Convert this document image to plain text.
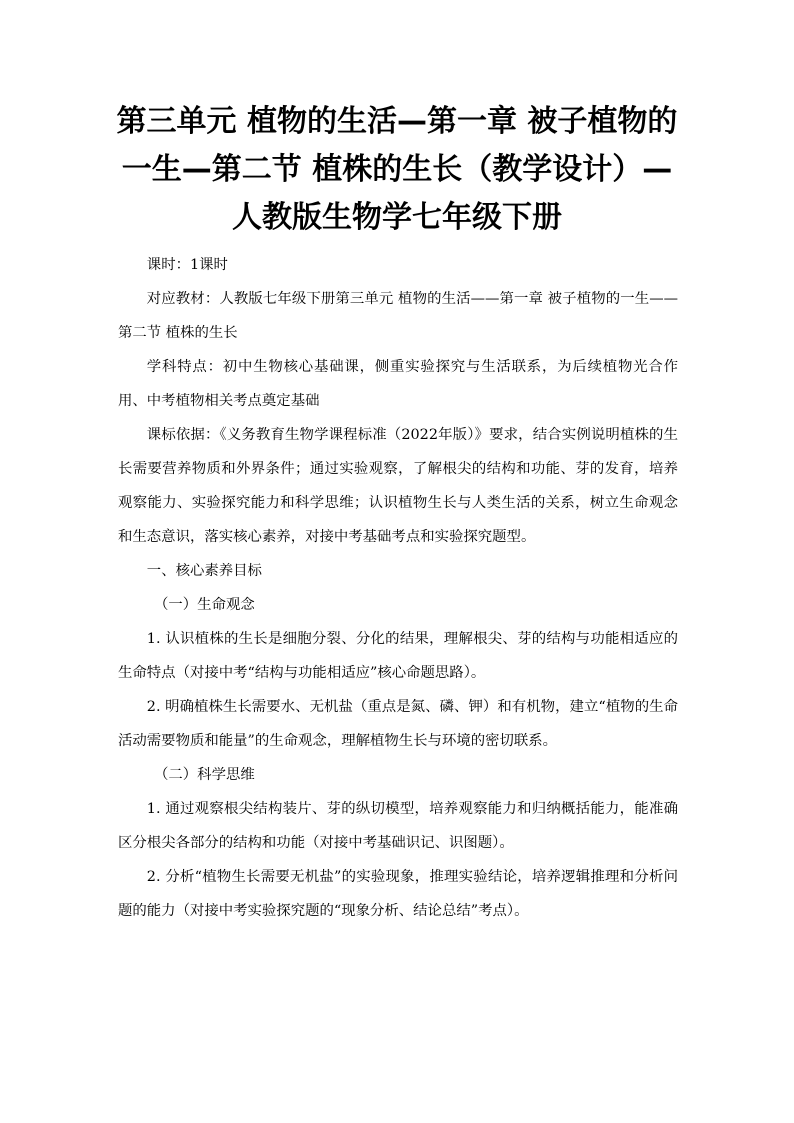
第三单元 植物的生活—第一章 被子植物的一生—第二节 植株的生长（教学设计）—人教版生物学七年级下册

课时：1课时

对应教材：人教版七年级下册第三单元 植物的生活——第一章 被子植物的一生——第二节 植株的生长

学科特点：初中生物核心基础课，侧重实验探究与生活联系，为后续植物光合作用、中考植物相关考点奠定基础

课标依据：《义务教育生物学课程标准（2022年版）》要求，结合实例说明植株的生长需要营养物质和外界条件；通过实验观察，了解根尖的结构和功能、芽的发育，培养观察能力、实验探究能力和科学思维；认识植物生长与人类生活的关系，树立生命观念和生态意识，落实核心素养，对接中考基础考点和实验探究题型。

一、核心素养目标

（一）生命观念

1. 认识植株的生长是细胞分裂、分化的结果，理解根尖、芽的结构与功能相适应的生命特点（对接中考“结构与功能相适应”核心命题思路）。

2. 明确植株生长需要水、无机盐（重点是氮、磷、钾）和有机物，建立“植物的生命活动需要物质和能量”的生命观念，理解植物生长与环境的密切联系。

（二）科学思维

1. 通过观察根尖结构装片、芽的纵切模型，培养观察能力和归纳概括能力，能准确区分根尖各部分的结构和功能（对接中考基础识记、识图题）。

2. 分析“植物生长需要无机盐”的实验现象，推理实验结论，培养逻辑推理和分析问题的能力（对接中考实验探究题的“现象分析、结论总结”考点）。
